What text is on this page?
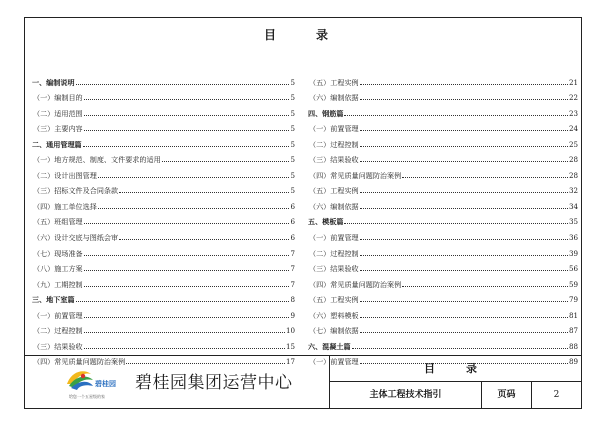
目　录
一、编制说明	5
（一）编制目的	5
（二）适用范围	5
（三）主要内容	5
二、通用管理篇	5
（一）地方规范、制度、文件要求的适用	5
（二）设计出图管理	5
（三）招标文件及合同条款	5
（四）施工单位选择	6
（五）班组管理	6
（六）设计交底与图纸会审	6
（七）现场准备	7
（八）施工方案	7
（九）工期控制	7
三、地下室篇	8
（一）前置管理	9
（二）过程控制	10
（三）结果验收	15
（四）常见质量问题防治案例	17
（五）工程实例	21
（六）编制依据	22
四、钢筋篇	23
（一）前置管理	24
（二）过程控制	25
（三）结果验收	28
（四）常见质量问题防治案例	28
（五）工程实例	32
（六）编制依据	34
五、模板篇	35
（一）前置管理	36
（二）过程控制	39
（三）结果验收	56
（四）常见质量问题防治案例	59
（五）工程实例	79
（六）塑料模板	81
（七）编制依据	87
六、混凝土篇	88
（一）前置管理	89
碧桂园
给您一个五星级的家
碧桂园集团运营中心
目　录
主体工程技术指引	页码	2
